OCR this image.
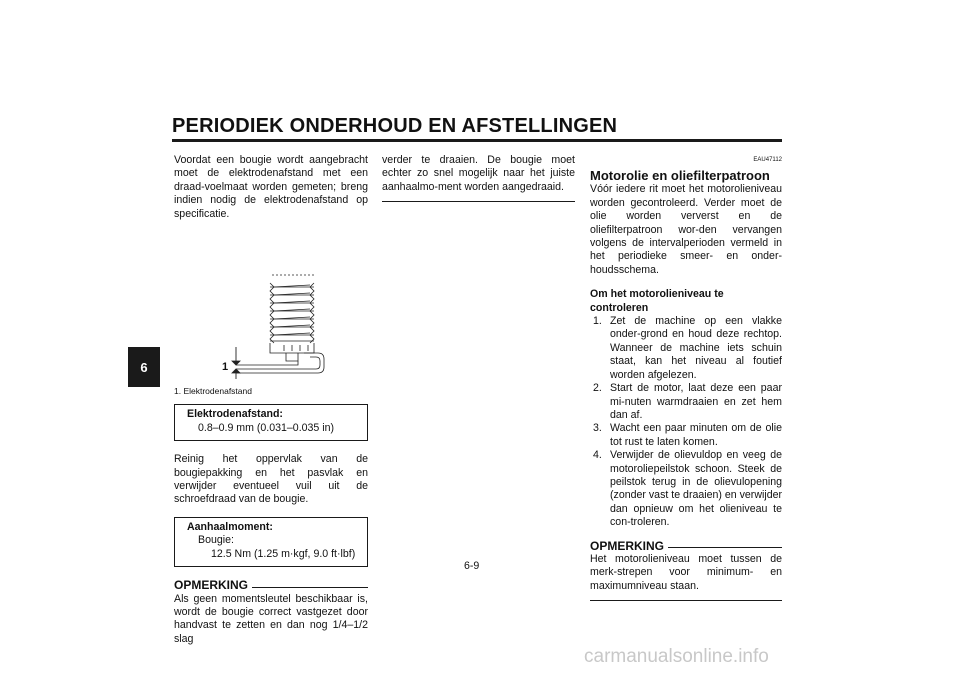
PERIODIEK ONDERHOUD EN AFSTELLINGEN
6

Voordat een bougie wordt aangebracht moet de elektrodenafstand met een draad-voelmaat worden gemeten; breng indien nodig de elektrodenafstand op specificatie.

1
1. Elektrodenafstand
Elektrodenafstand:
0.8–0.9 mm (0.031–0.035 in)

Reinig het oppervlak van de bougiepakking en het pasvlak en verwijder eventueel vuil uit de schroefdraad van de bougie.

Aanhaalmoment:
Bougie:
12.5 Nm (1.25 m·kgf, 9.0 ft·lbf)
OPMERKING

Als geen momentsleutel beschikbaar is, wordt de bougie correct vastgezet door handvast te zetten en dan nog 1/4–1/2 slag

verder te draaien. De bougie moet echter zo snel mogelijk naar het juiste aanhaalmo-ment worden aangedraaid.

EAU47112
Motorolie en oliefilterpatroon

Vóór iedere rit moet het motorolieniveau worden gecontroleerd. Verder moet de olie worden ververst en de oliefilterpatroon wor-den vervangen volgens de intervalperioden vermeld in het periodieke smeer- en onder-houdsschema.

Om het motorolieniveau te controleren
1. Zet de machine op een vlakke onder-grond en houd deze rechtop. Wanneer de machine iets schuin staat, kan het niveau al foutief worden afgelezen.
2. Start de motor, laat deze een paar mi-nuten warmdraaien en zet hem dan af.
3. Wacht een paar minuten om de olie tot rust te laten komen.
4. Verwijder de olievuldop en veeg de motoroliepeilstok schoon. Steek de peilstok terug in de olievulopening (zonder vast te draaien) en verwijder dan opnieuw om het olieniveau te con-troleren.
OPMERKING

Het motorolieniveau moet tussen de merk-strepen voor minimum- en maximumniveau staan.

6-9
carmanualsonline.info
